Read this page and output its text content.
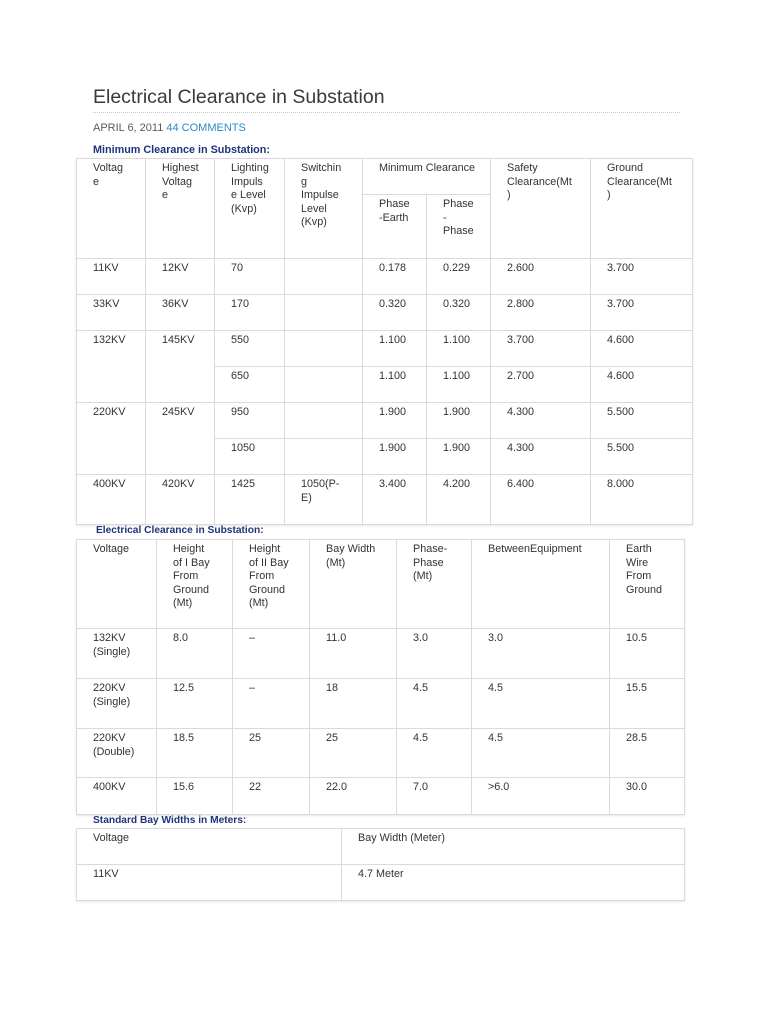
Electrical Clearance in Substation
APRIL 6, 2011 44 COMMENTS
Minimum Clearance in Substation:
Voltag
e	Highest
Voltag
e	Lighting
Impuls
e Level
(Kvp)	Switchin
g
Impulse
Level
(Kvp)	Minimum Clearance		Safety
Clearance(Mt
)	Ground
Clearance(Mt
)
				Phase
-Earth	Phase
-
Phase		
11KV	12KV	70		0.178	0.229	2.600	3.700
33KV	36KV	170		0.320	0.320	2.800	3.700
132KV	145KV	550		1.100	1.100	3.700	4.600
		650		1.100	1.100	2.700	4.600
220KV	245KV	950		1.900	1.900	4.300	5.500
		1050		1.900	1.900	4.300	5.500
400KV	420KV	1425	1050(P-
E)	3.400	4.200	6.400	8.000
Electrical Clearance in Substation:
Voltage	Height
of I Bay
From
Ground
(Mt)	Height
of II Bay
From
Ground
(Mt)	Bay Width
(Mt)	Phase-
Phase
(Mt)	BetweenEquipment	Earth
Wire
From
Ground
132KV
(Single)	8.0	–	11.0	3.0	3.0	10.5
220KV
(Single)	12.5	–	18	4.5	4.5	15.5
220KV
(Double)	18.5	25	25	4.5	4.5	28.5
400KV	15.6	22	22.0	7.0	>6.0	30.0
Standard Bay Widths in Meters:
Voltage	Bay Width (Meter)
11KV	4.7 Meter
